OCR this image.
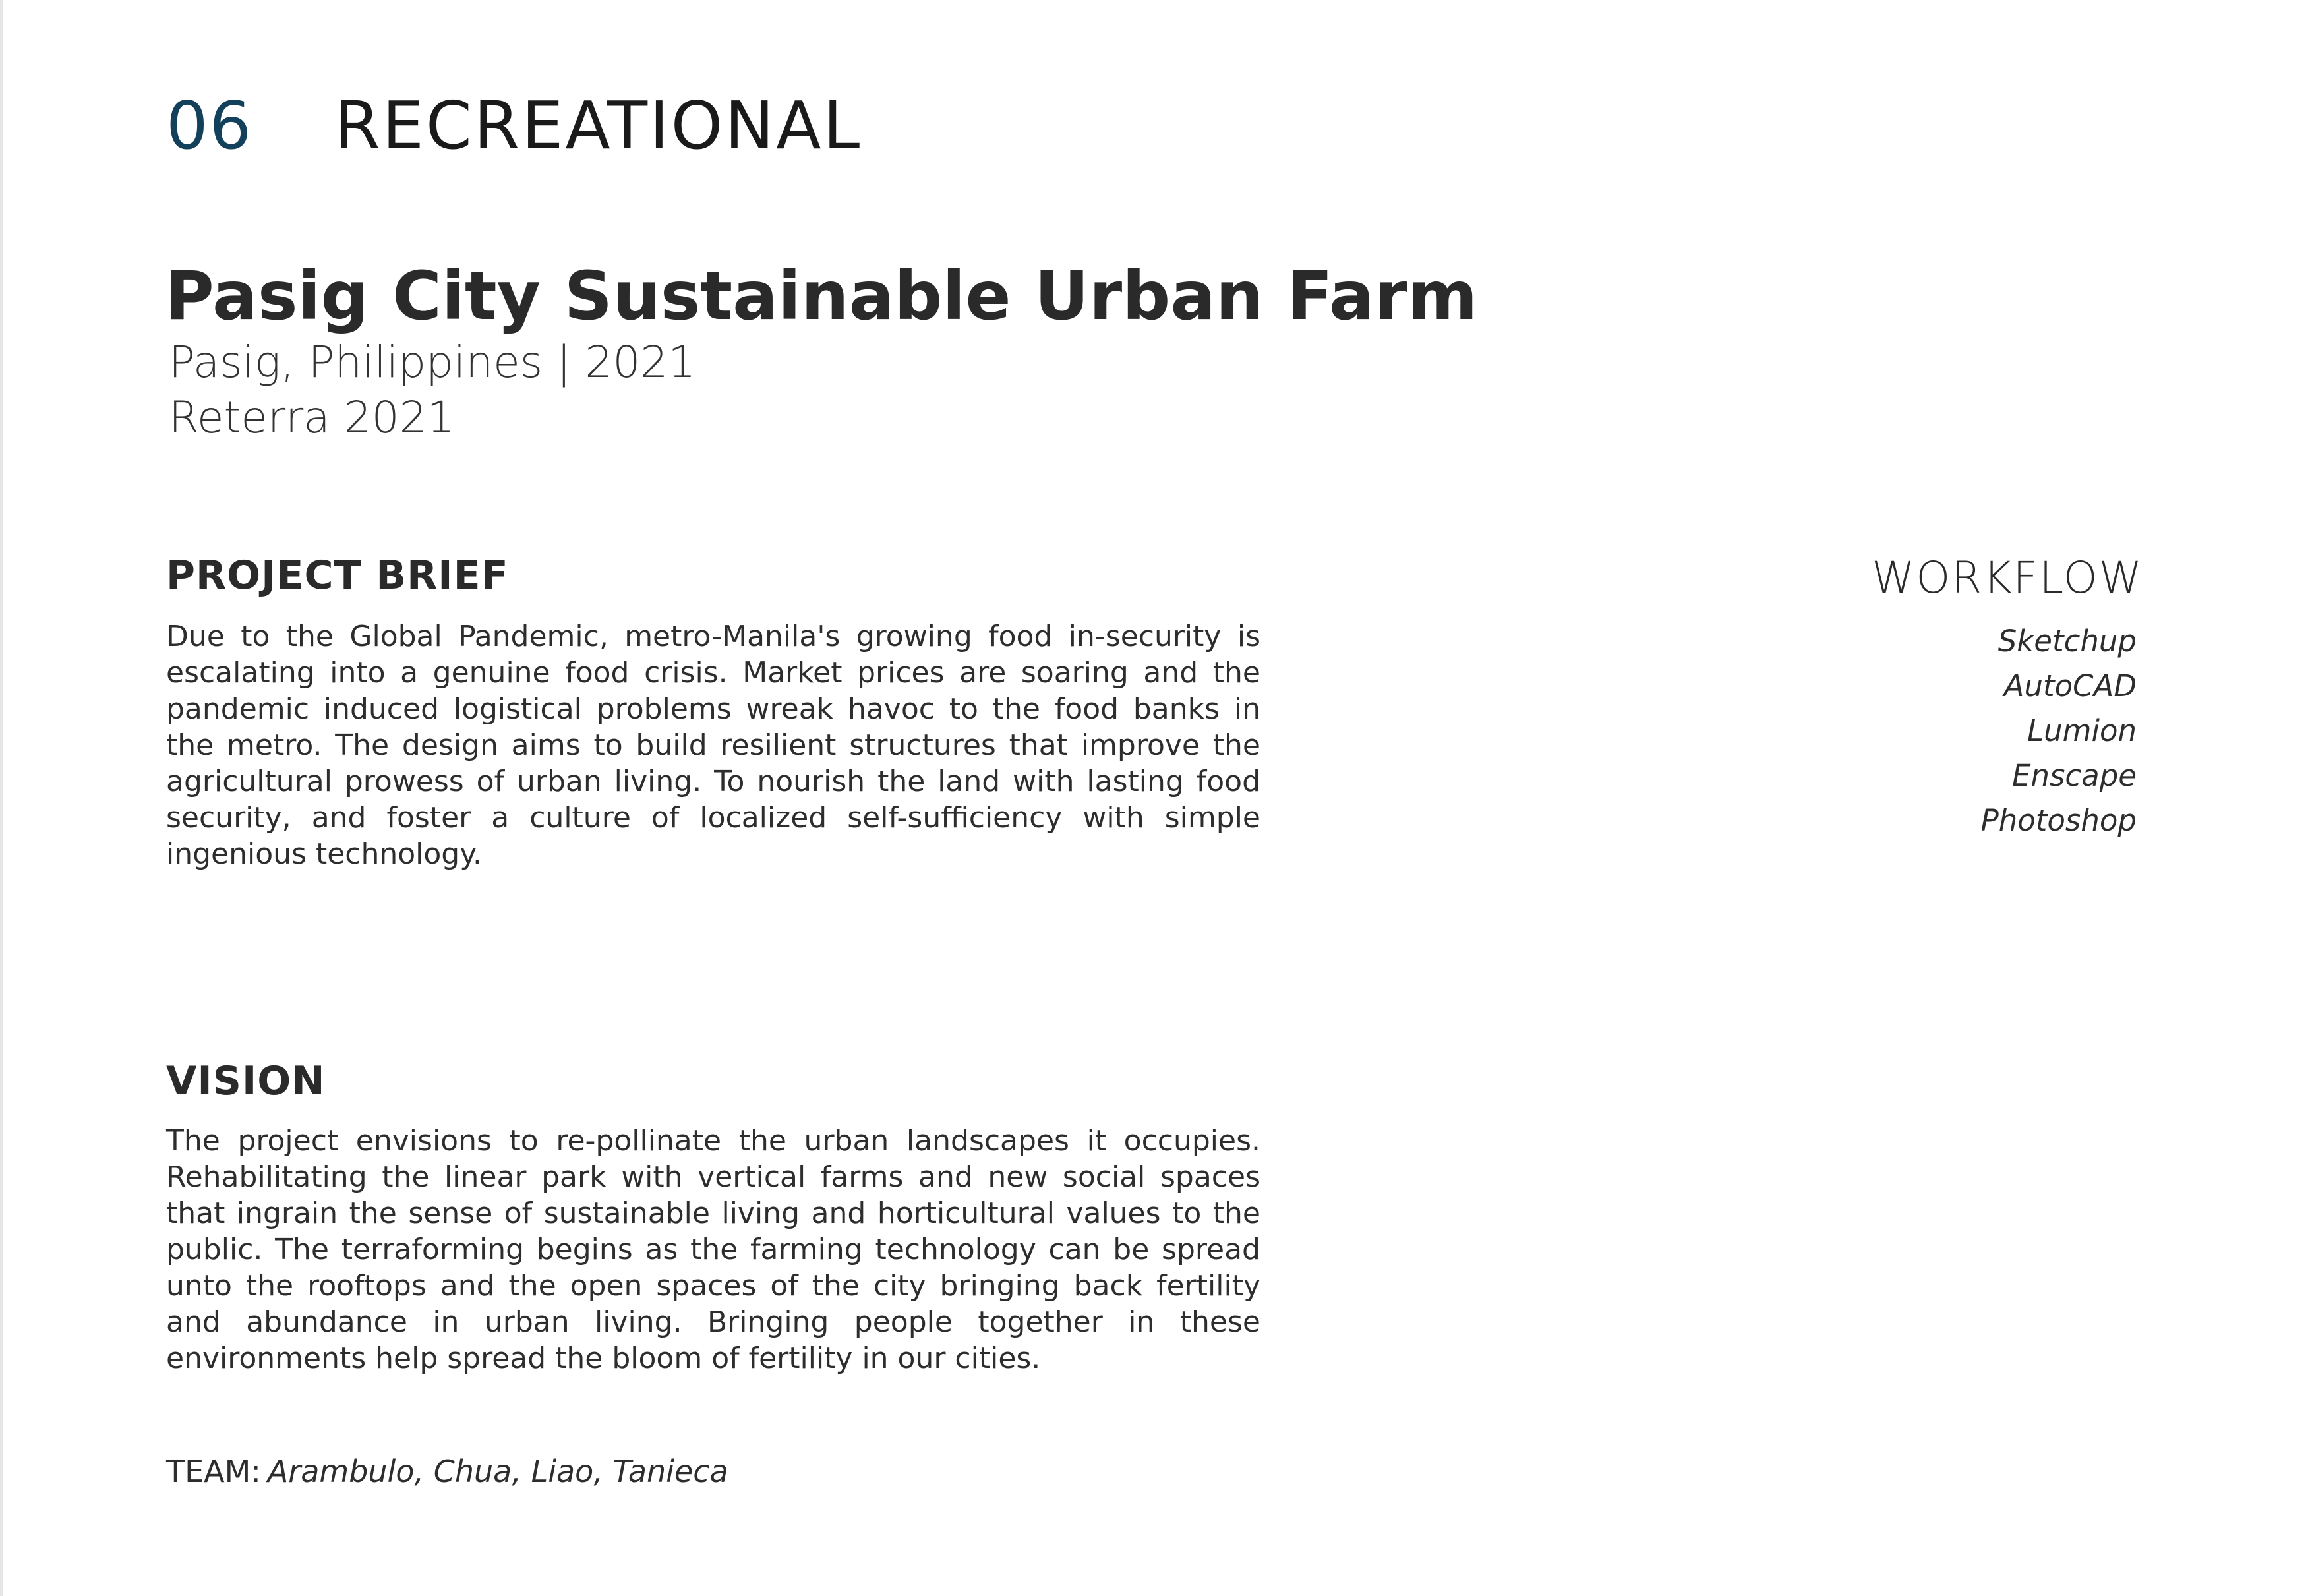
06 RECREATIONAL
Pasig City Sustainable Urban Farm
Pasig, Philippines | 2021
Reterra 2021
PROJECT BRIEF

Due to the Global Pandemic, metro-Manila's growing food in-security is escalating into a genuine food crisis. Market prices are soaring and the pandemic induced logistical problems wreak havoc to the food banks in the metro. The design aims to build resilient structures that improve the agricultural prowess of urban living. To nourish the land with lasting food security, and foster a culture of localized self-sufficiency with simple ingenious technology.

WORKFLOW
Sketchup
AutoCAD
Lumion
Enscape
Photoshop
VISION

The project envisions to re-pollinate the urban landscapes it occupies. Rehabilitating the linear park with vertical farms and new social spaces that ingrain the sense of sustainable living and horticultural values to the public. The terraforming begins as the farming technology can be spread unto the rooftops and the open spaces of the city bringing back fertility and abundance in urban living. Bringing people together in these environments help spread the bloom of fertility in our cities.

TEAM: Arambulo, Chua, Liao, Tanieca
